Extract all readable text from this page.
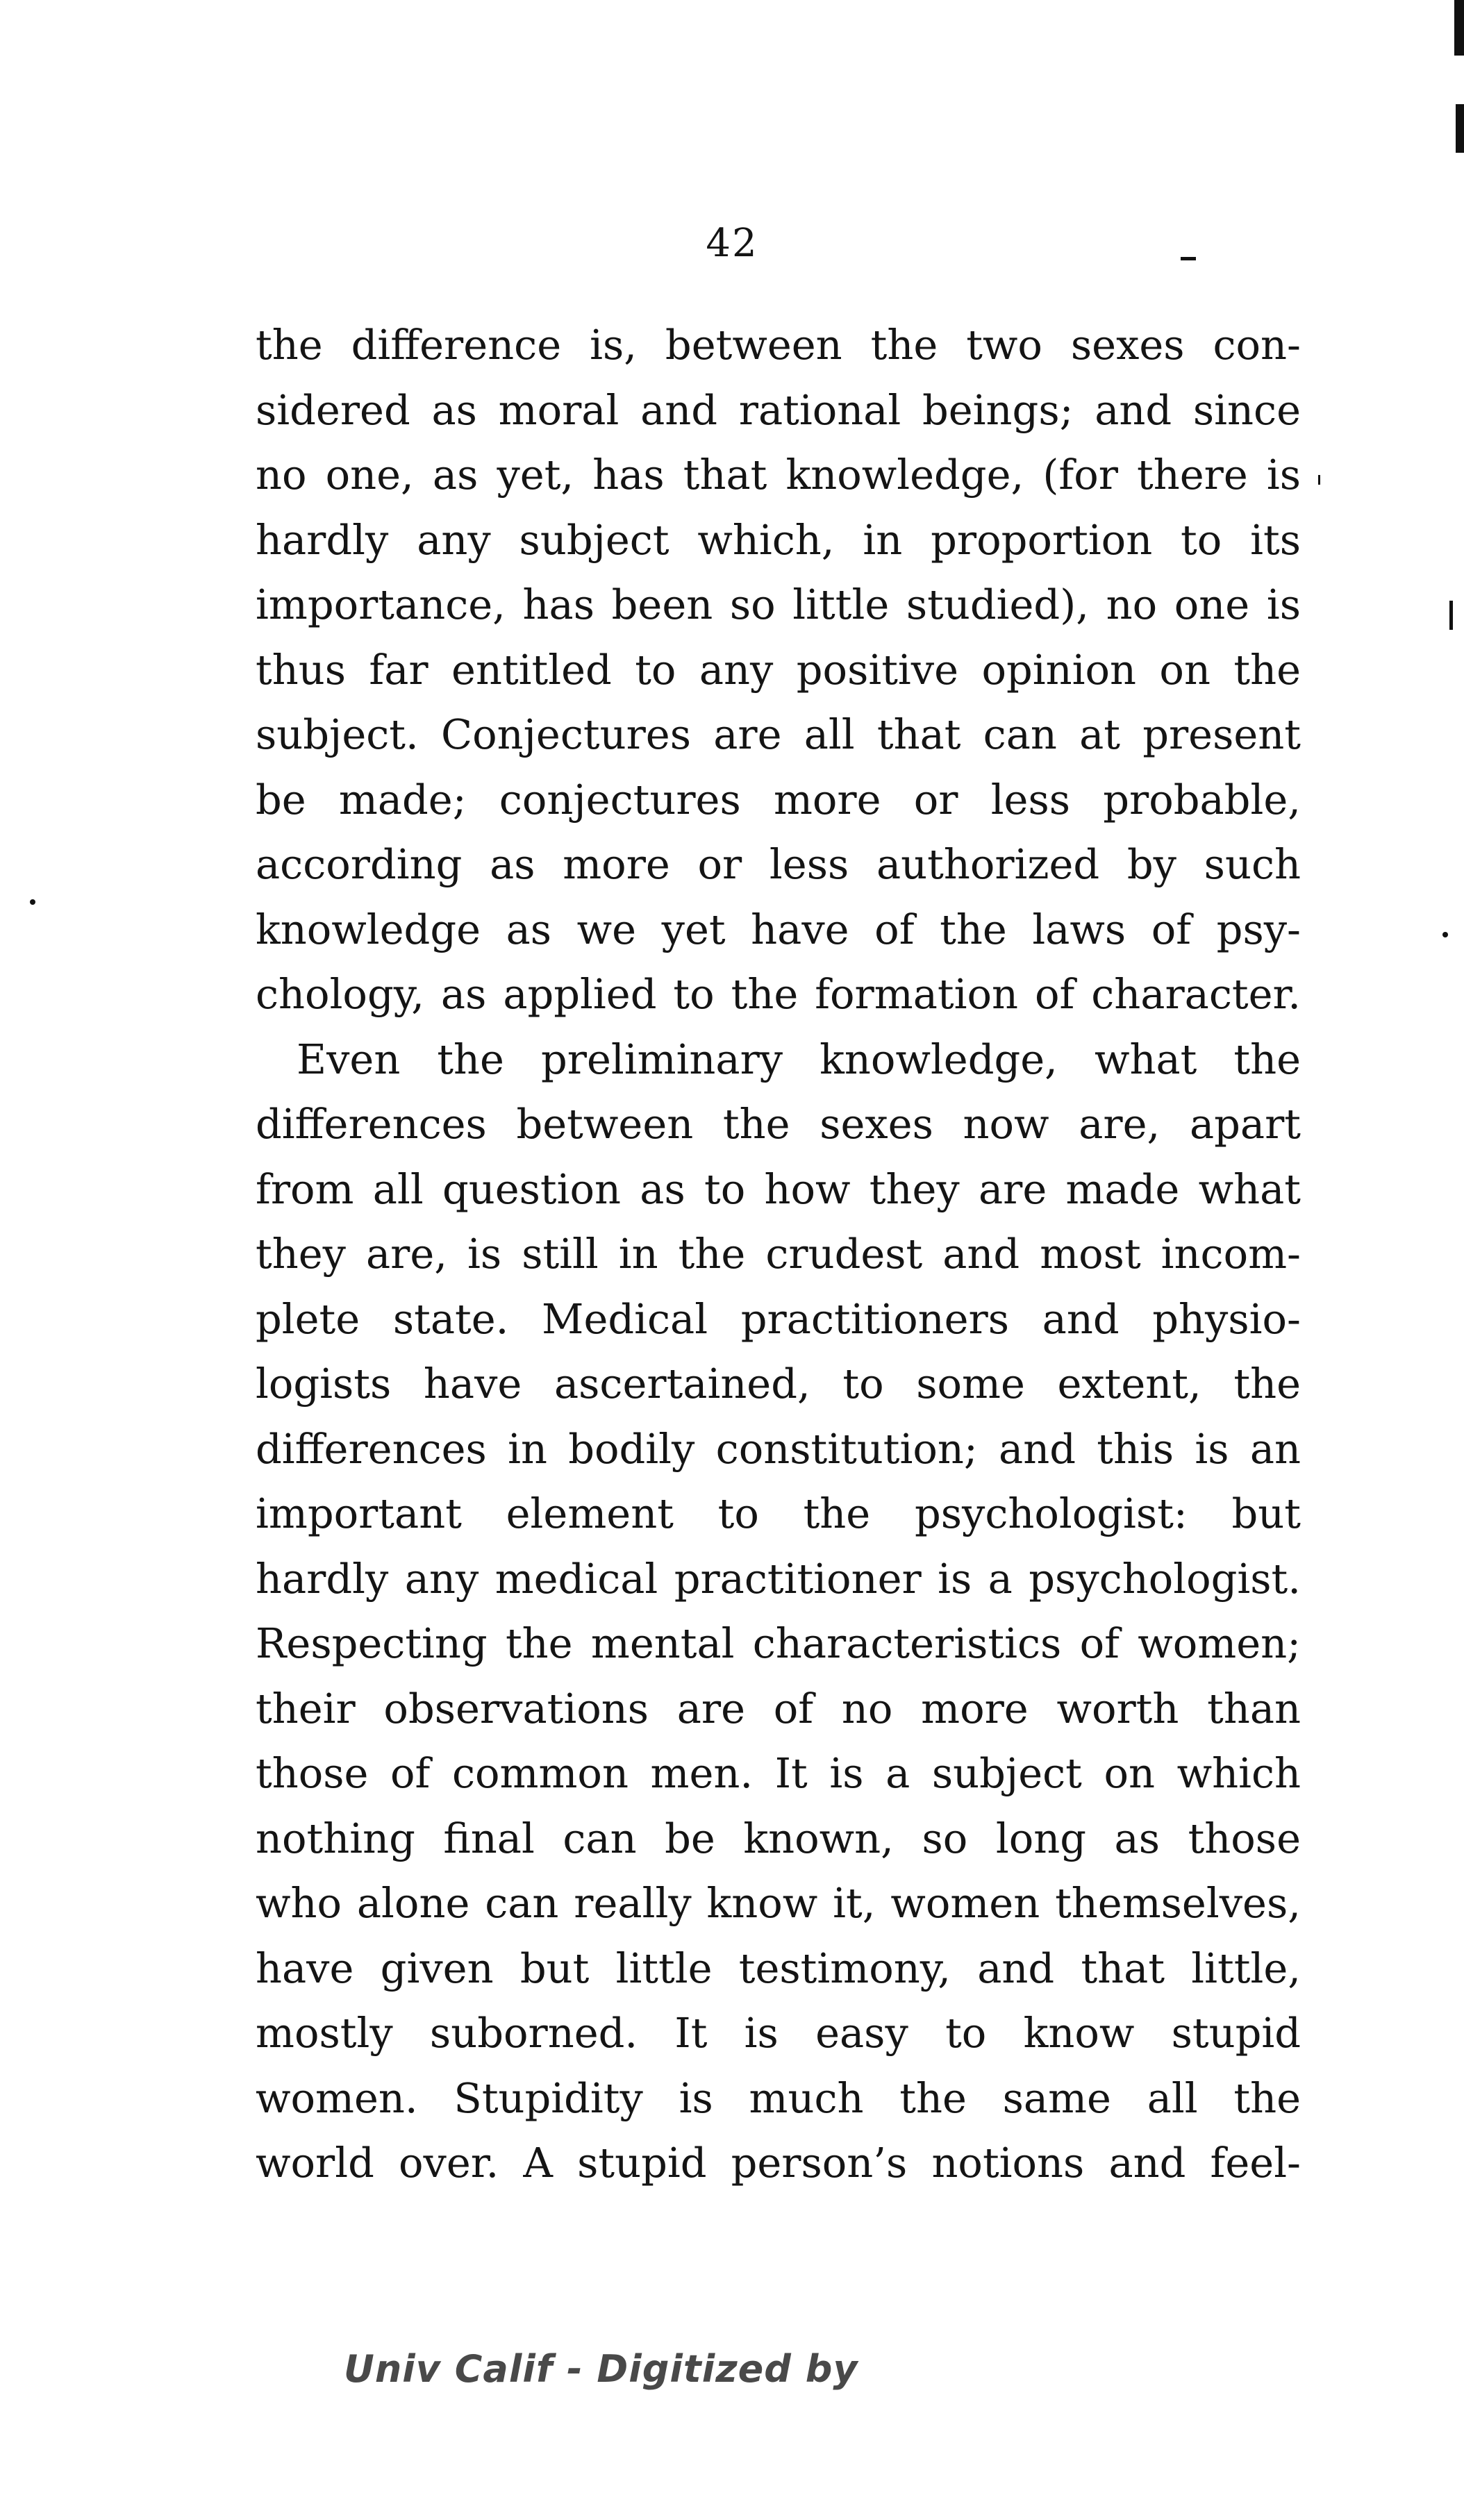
42
the difference is, between the two sexes con-
sidered as moral and rational beings; and since
no one, as yet, has that knowledge, (for there is
hardly any subject which, in proportion to its
importance, has been so little studied), no one is
thus far entitled to any positive opinion on the
subject. Conjectures are all that can at present
be made; conjectures more or less probable,
according as more or less authorized by such
knowledge as we yet have of the laws of psy-
chology, as applied to the formation of character.
 Even the preliminary knowledge, what the
differences between the sexes now are, apart
from all question as to how they are made what
they are, is still in the crudest and most incom-
plete state. Medical practitioners and physio-
logists have ascertained, to some extent, the
differences in bodily constitution; and this is an
important element to the psychologist: but
hardly any medical practitioner is a psychologist.
Respecting the mental characteristics of women;
their observations are of no more worth than
those of common men. It is a subject on which
nothing final can be known, so long as those
who alone can really know it, women themselves,
have given but little testimony, and that little,
mostly suborned. It is easy to know stupid
women. Stupidity is much the same all the
world over. A stupid person’s notions and feel-
Univ Calif - Digitized by
